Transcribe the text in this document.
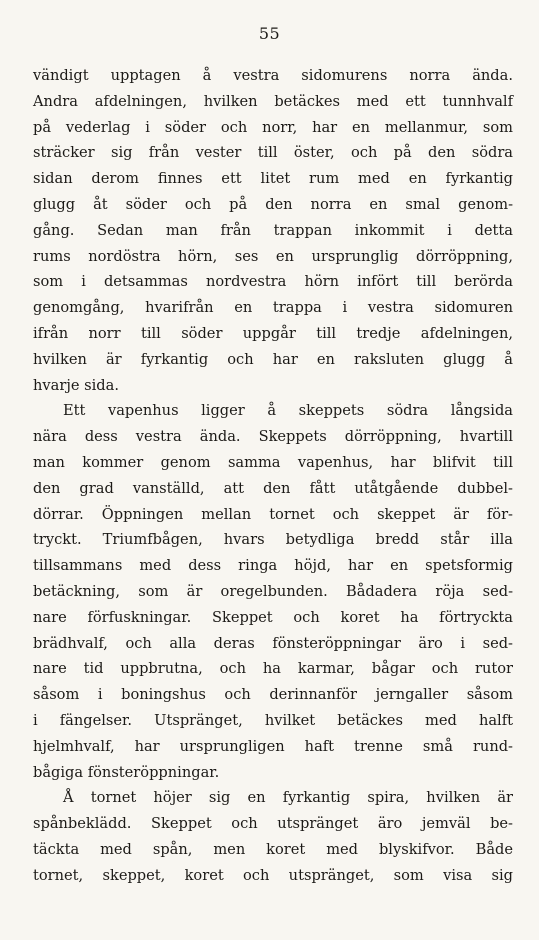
55
vändigt upptagen å vestra sidomurens norra ända.
Andra afdelningen, hvilken betäckes med ett tunnhvalf
på vederlag i söder och norr, har en mellanmur, som
sträcker sig från vester till öster, och på den södra
sidan derom finnes ett litet rum med en fyrkantig
glugg åt söder och på den norra en smal genom-
gång. Sedan man från trappan inkommit i detta
rums nordöstra hörn, ses en ursprunglig dörröppning,
som i detsammas nordvestra hörn infört till berörda
genomgång, hvarifrån en trappa i vestra sidomuren
ifrån norr till söder uppgår till tredje afdelningen,
hvilken är fyrkantig och har en raksluten glugg å
hvarje sida.
Ett vapenhus ligger å skeppets södra långsida
nära dess vestra ända. Skeppets dörröppning, hvartill
man kommer genom samma vapenhus, har blifvit till
den grad vanställd, att den fått utåtgående dubbel-
dörrar. Öppningen mellan tornet och skeppet är för-
tryckt. Triumfbågen, hvars betydliga bredd står illa
tillsammans med dess ringa höjd, har en spetsformig
betäckning, som är oregelbunden. Bådadera röja sed-
nare förfuskningar. Skeppet och koret ha förtryckta
brädhvalf, och alla deras fönsteröppningar äro i sed-
nare tid uppbrutna, och ha karmar, bågar och rutor
såsom i boningshus och derinnanför jerngaller såsom
i fängelser. Utspränget, hvilket betäckes med halft
hjelmhvalf, har ursprungligen haft trenne små rund-
bågiga fönsteröppningar.
Å tornet höjer sig en fyrkantig spira, hvilken är
spånbeklädd. Skeppet och utspränget äro jemväl be-
täckta med spån, men koret med blyskifvor. Både
tornet, skeppet, koret och utspränget, som visa sig
